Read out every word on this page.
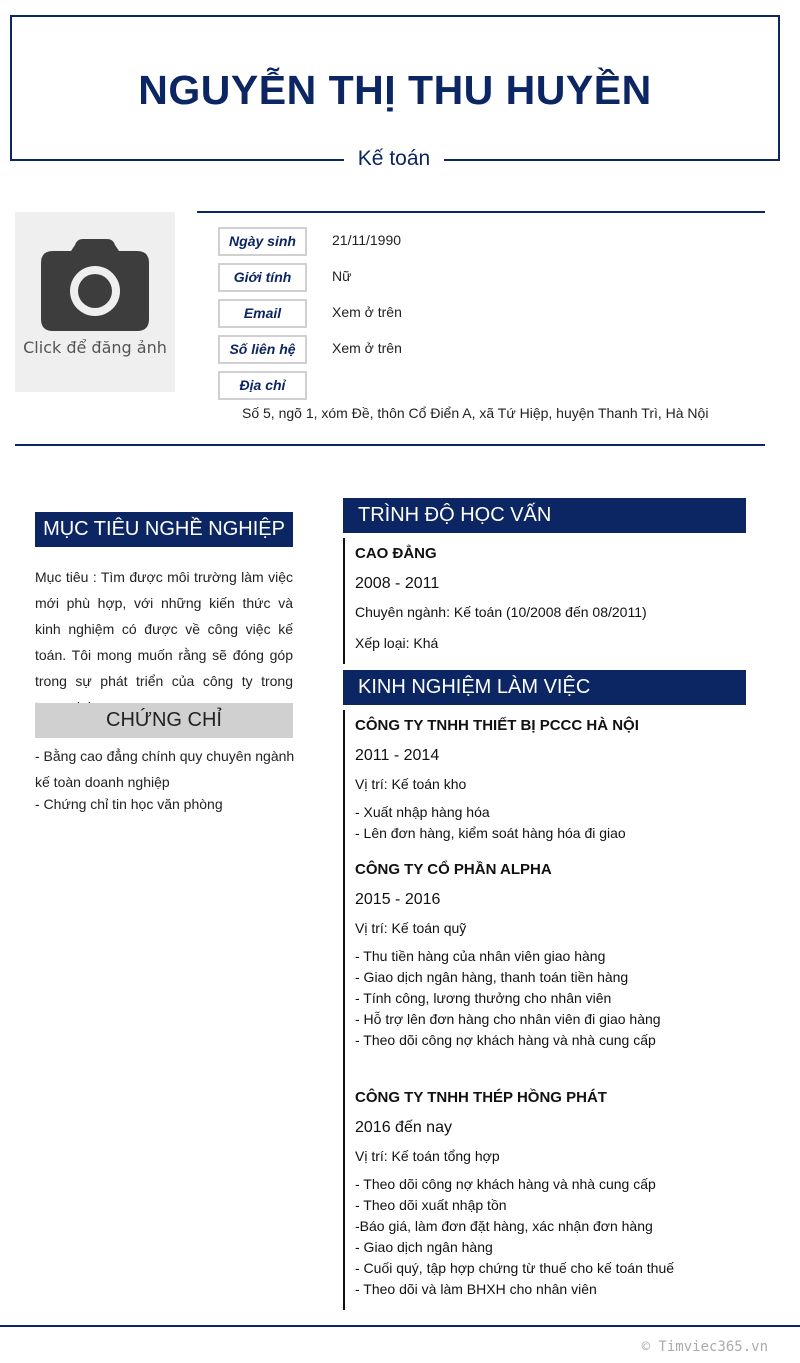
NGUYỄN THỊ THU HUYỀN
Kế toán
Click để đăng ảnh
Ngày sinh	21/11/1990
Giới tính	Nữ
Email	Xem ở trên
Số liên hệ	Xem ở trên
Địa chỉ
Số 5, ngõ 1, xóm Đề, thôn Cổ Điển A, xã Tứ Hiệp, huyện Thanh Trì, Hà Nội
MỤC TIÊU NGHỀ NGHIỆP
Mục tiêu : Tìm được môi trường làm việc mới phù hợp, với những kiến thức và kinh nghiệm có được về công việc kế toán. Tôi mong muốn rằng sẽ đóng góp trong sự phát triển của công ty trong
CHỨNG CHỈ
- Bằng cao đẳng chính quy chuyên ngành kế toàn doanh nghiệp
- Chứng chỉ tin học văn phòng
TRÌNH ĐỘ HỌC VẤN
CAO ĐẲNG
2008 - 2011
Chuyên ngành: Kế toán (10/2008 đến 08/2011)
Xếp loại: Khá
KINH NGHIỆM LÀM VIỆC
CÔNG TY TNHH THIẾT BỊ PCCC HÀ NỘI
2011 - 2014
Vị trí: Kế toán kho
- Xuất nhập hàng hóa
- Lên đơn hàng, kiểm soát hàng hóa đi giao
CÔNG TY CỔ PHẦN ALPHA
2015 - 2016
Vị trí: Kế toán quỹ
- Thu tiền hàng của nhân viên giao hàng
- Giao dịch ngân hàng, thanh toán tiền hàng
- Tính công, lương thưởng cho nhân viên
- Hỗ trợ lên đơn hàng cho nhân viên đi giao hàng
- Theo dõi công nợ khách hàng và nhà cung cấp
CÔNG TY TNHH THÉP HỒNG PHÁT
2016 đến nay
Vị trí: Kế toán tổng hợp
- Theo dõi công nợ khách hàng và nhà cung cấp
- Theo dõi xuất nhập tồn
-Báo giá, làm đơn đặt hàng, xác nhận đơn hàng
- Giao dịch ngân hàng
- Cuối quý, tập hợp chứng từ thuế cho kế toán thuế
- Theo dõi và làm BHXH cho nhân viên
© Timviec365.vn
